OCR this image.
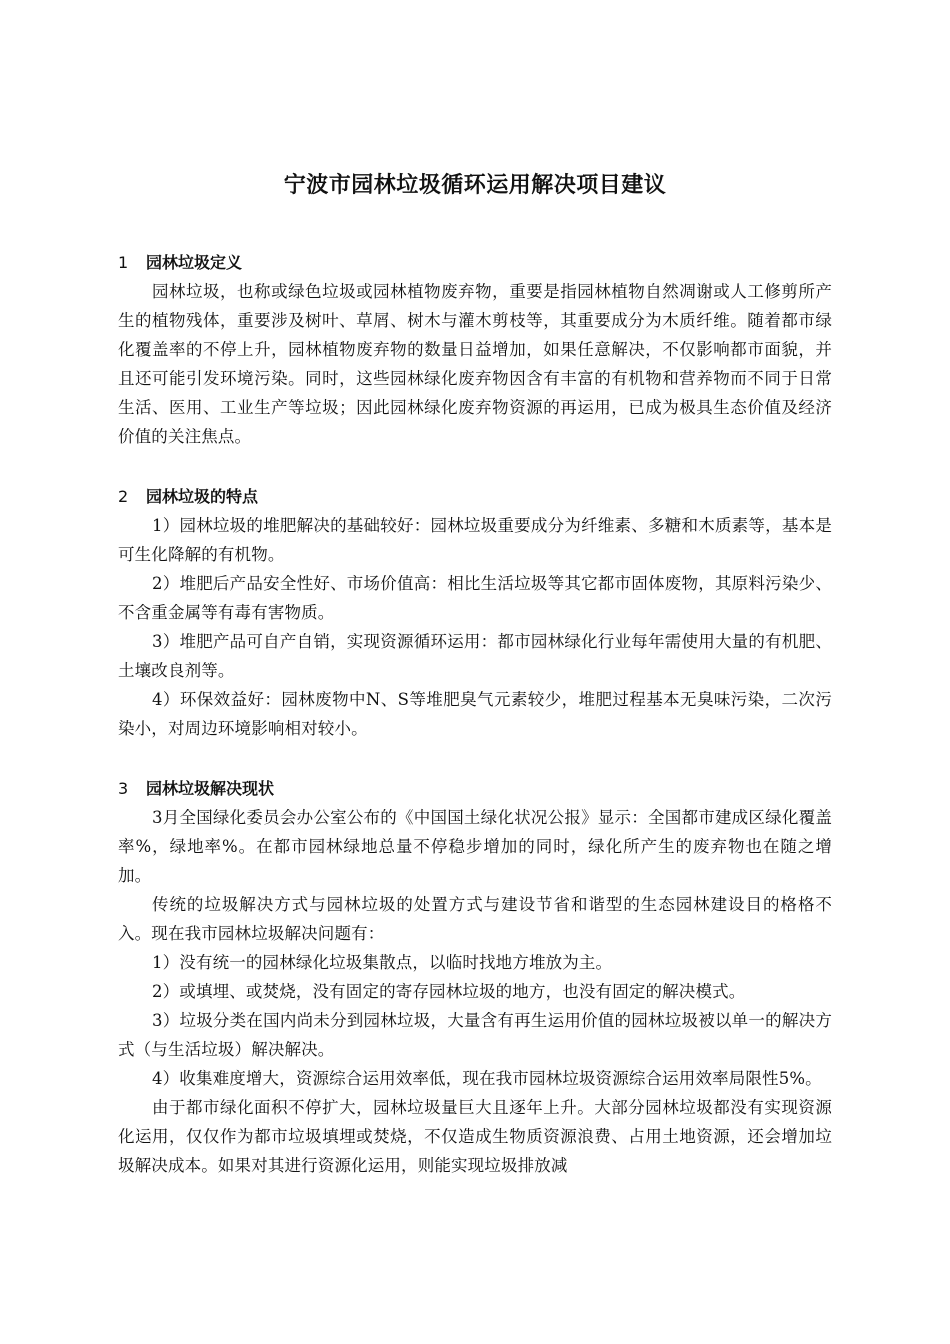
宁波市园林垃圾循环运用解决项目建议
1 园林垃圾定义

园林垃圾，也称或绿色垃圾或园林植物废弃物，重要是指园林植物自然凋谢或人工修剪所产生的植物残体，重要涉及树叶、草屑、树木与灌木剪枝等，其重要成分为木质纤维。随着都市绿化覆盖率的不停上升，园林植物废弃物的数量日益增加，如果任意解决，不仅影响都市面貌，并且还可能引发环境污染。同时，这些园林绿化废弃物因含有丰富的有机物和营养物而不同于日常生活、医用、工业生产等垃圾；因此园林绿化废弃物资源的再运用，已成为极具生态价值及经济价值的关注焦点。

2 园林垃圾的特点

1）园林垃圾的堆肥解决的基础较好：园林垃圾重要成分为纤维素、多糖和木质素等，基本是可生化降解的有机物。

2）堆肥后产品安全性好、市场价值高：相比生活垃圾等其它都市固体废物，其原料污染少、不含重金属等有毒有害物质。

3）堆肥产品可自产自销，实现资源循环运用：都市园林绿化行业每年需使用大量的有机肥、土壤改良剂等。

4）环保效益好：园林废物中N、S等堆肥臭气元素较少，堆肥过程基本无臭味污染，二次污染小，对周边环境影响相对较小。

3 园林垃圾解决现状

3月全国绿化委员会办公室公布的《中国国土绿化状况公报》显示：全国都市建成区绿化覆盖率%，绿地率%。在都市园林绿地总量不停稳步增加的同时，绿化所产生的废弃物也在随之增加。

传统的垃圾解决方式与园林垃圾的处置方式与建设节省和谐型的生态园林建设目的格格不入。现在我市园林垃圾解决问题有：

1）没有统一的园林绿化垃圾集散点，以临时找地方堆放为主。

2）或填埋、或焚烧，没有固定的寄存园林垃圾的地方，也没有固定的解决模式。

3）垃圾分类在国内尚未分到园林垃圾，大量含有再生运用价值的园林垃圾被以单一的解决方式（与生活垃圾）解决解决。

4）收集难度增大，资源综合运用效率低，现在我市园林垃圾资源综合运用效率局限性5%。

由于都市绿化面积不停扩大，园林垃圾量巨大且逐年上升。大部分园林垃圾都没有实现资源化运用，仅仅作为都市垃圾填埋或焚烧，不仅造成生物质资源浪费、占用土地资源，还会增加垃圾解决成本。如果对其进行资源化运用，则能实现垃圾排放减
